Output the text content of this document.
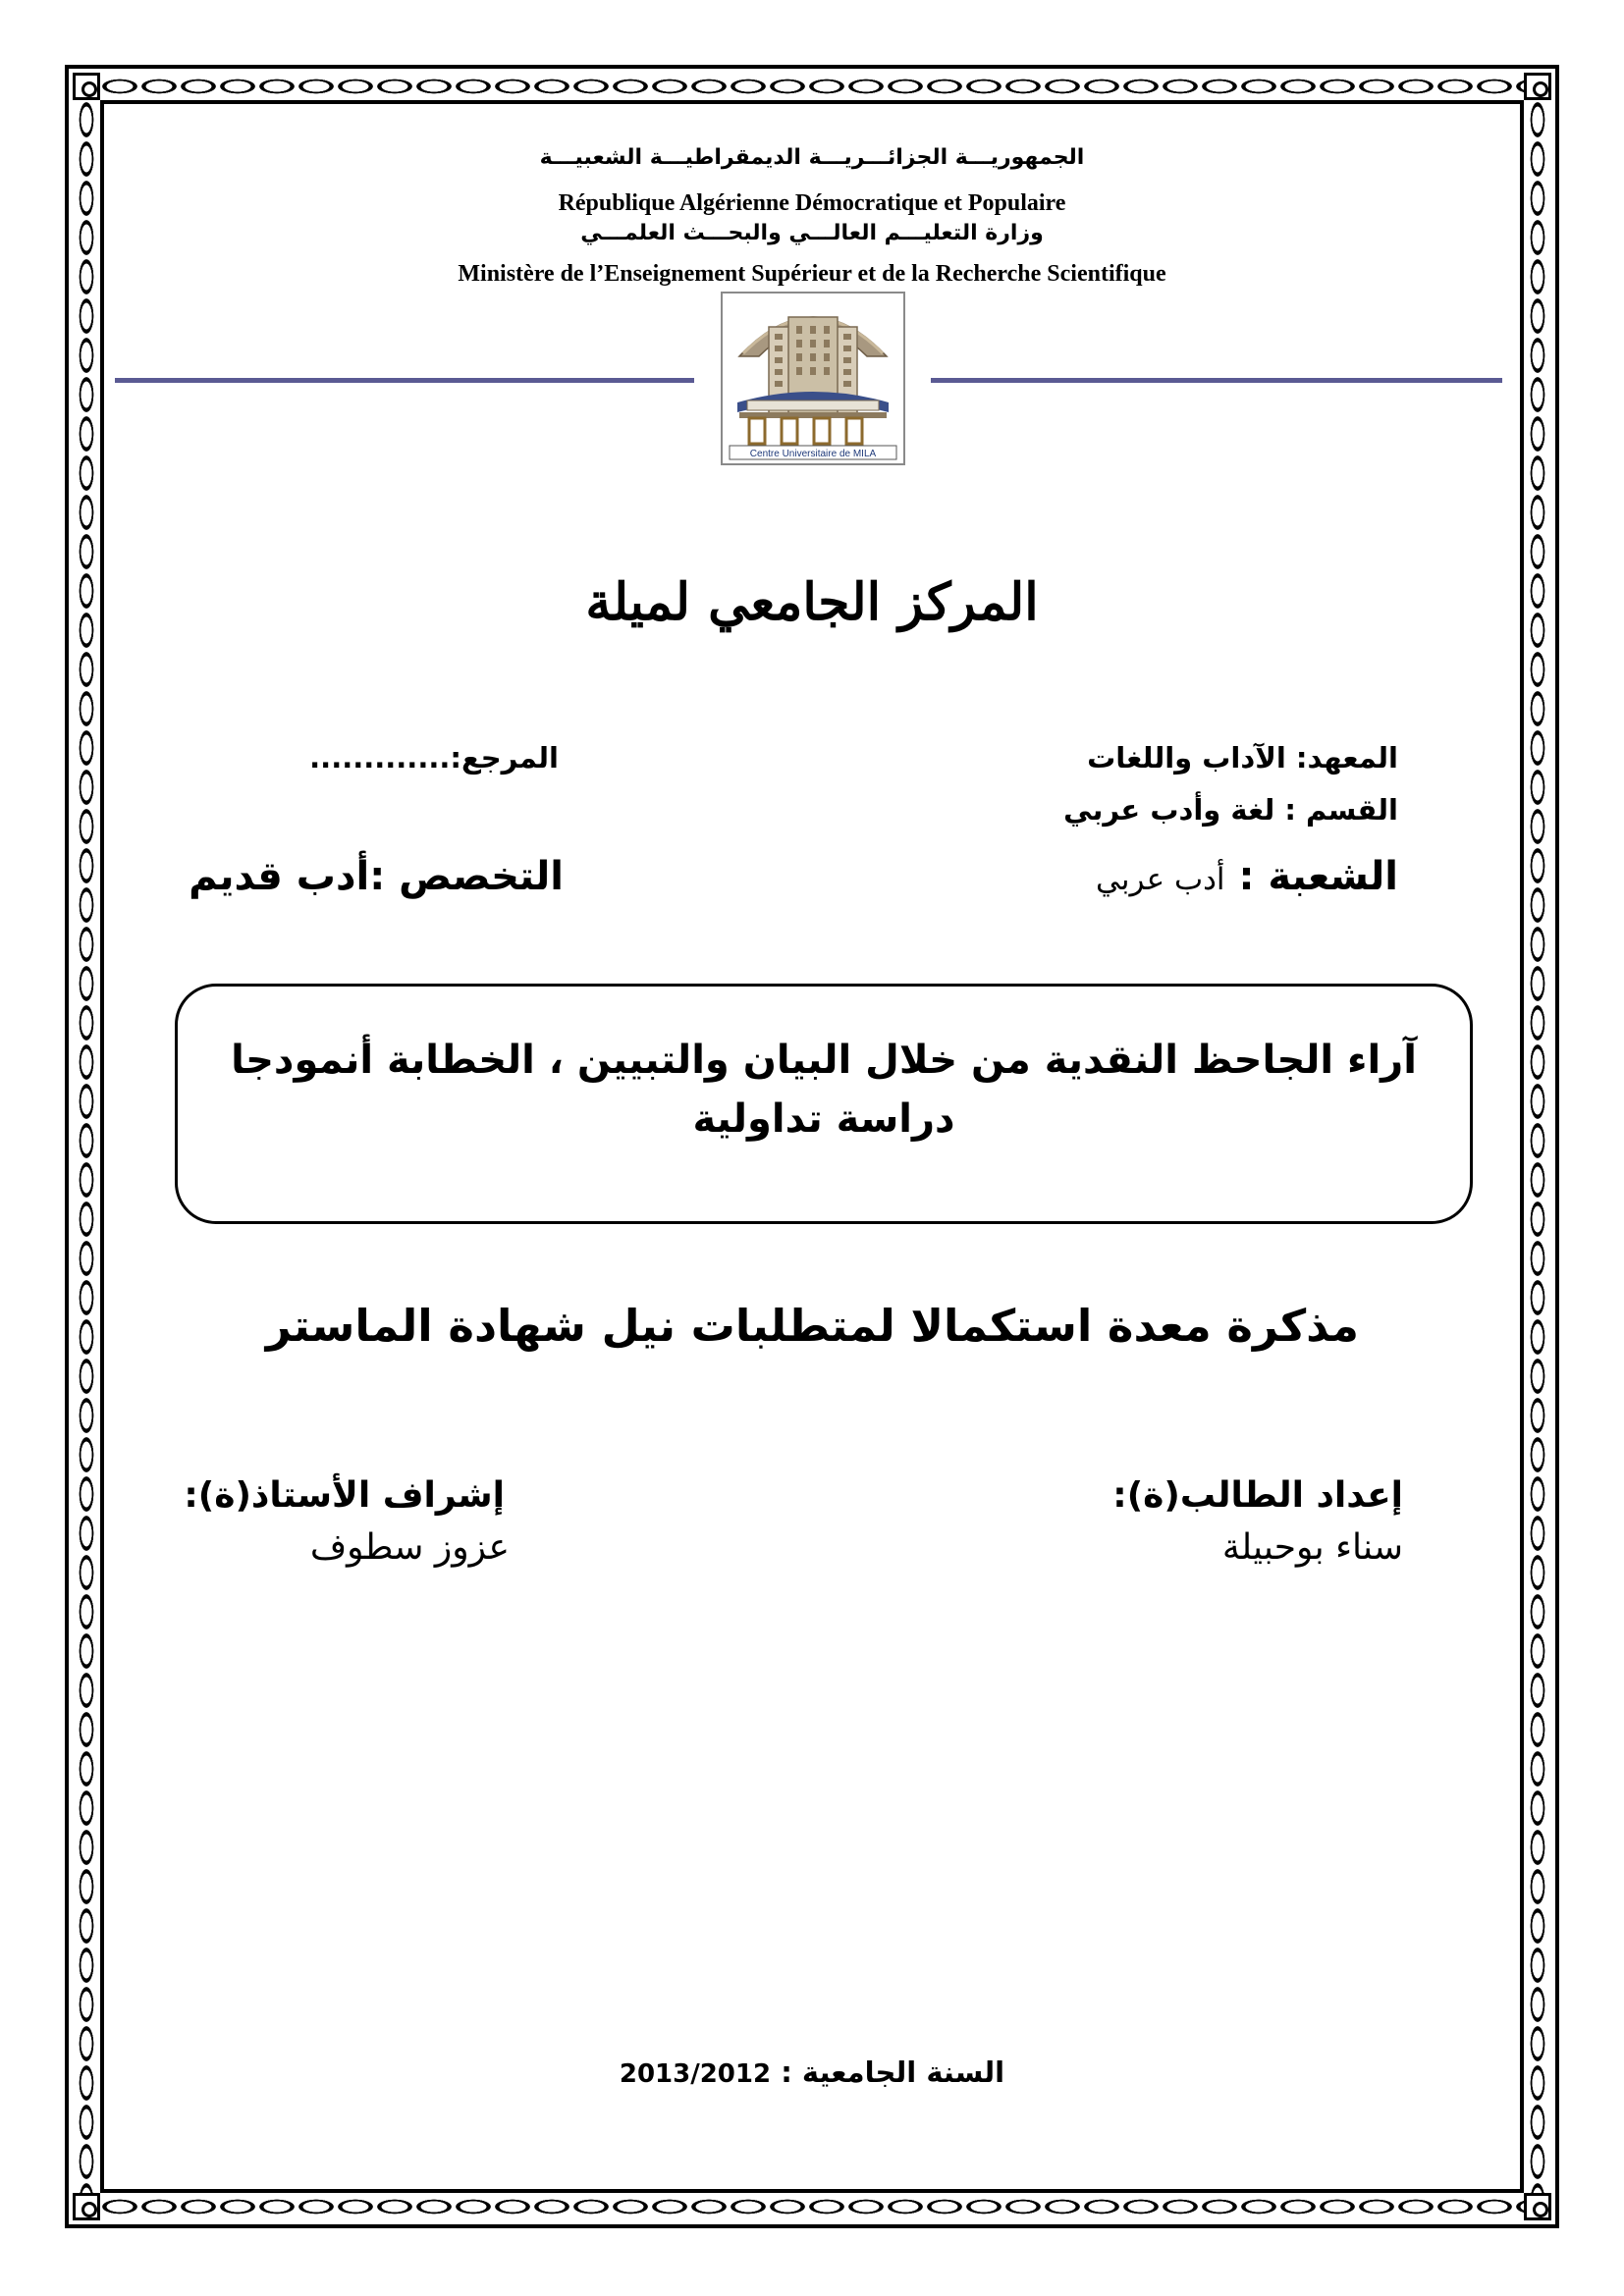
الجمهوريـــة الجزائـــريـــة الديمقراطيـــة الشعبيـــة
République Algérienne Démocratique et Populaire
وزارة التعليـــم العالـــي والبحـــث العلمـــي
Ministère de l’Enseignement Supérieur et de la Recherche Scientifique
Centre Universitaire de MILA
المركز الجامعي لميلة
المعهد: الآداب واللغات
القسم : لغة وأدب عربي
الشعبة : أدب عربي
المرجع:.............
التخصص :أدب قديم
آراء الجاحظ النقدية من خلال البيان والتبيين ، الخطابة أنمودجا
دراسة تداولية
مذكرة معدة استكمالا لمتطلبات نيل شهادة الماستر
إعداد الطالب(ة):
سناء بوحبيلة
إشراف الأستاذ(ة):
عزوز سطوف
السنة الجامعية : 2013/2012
